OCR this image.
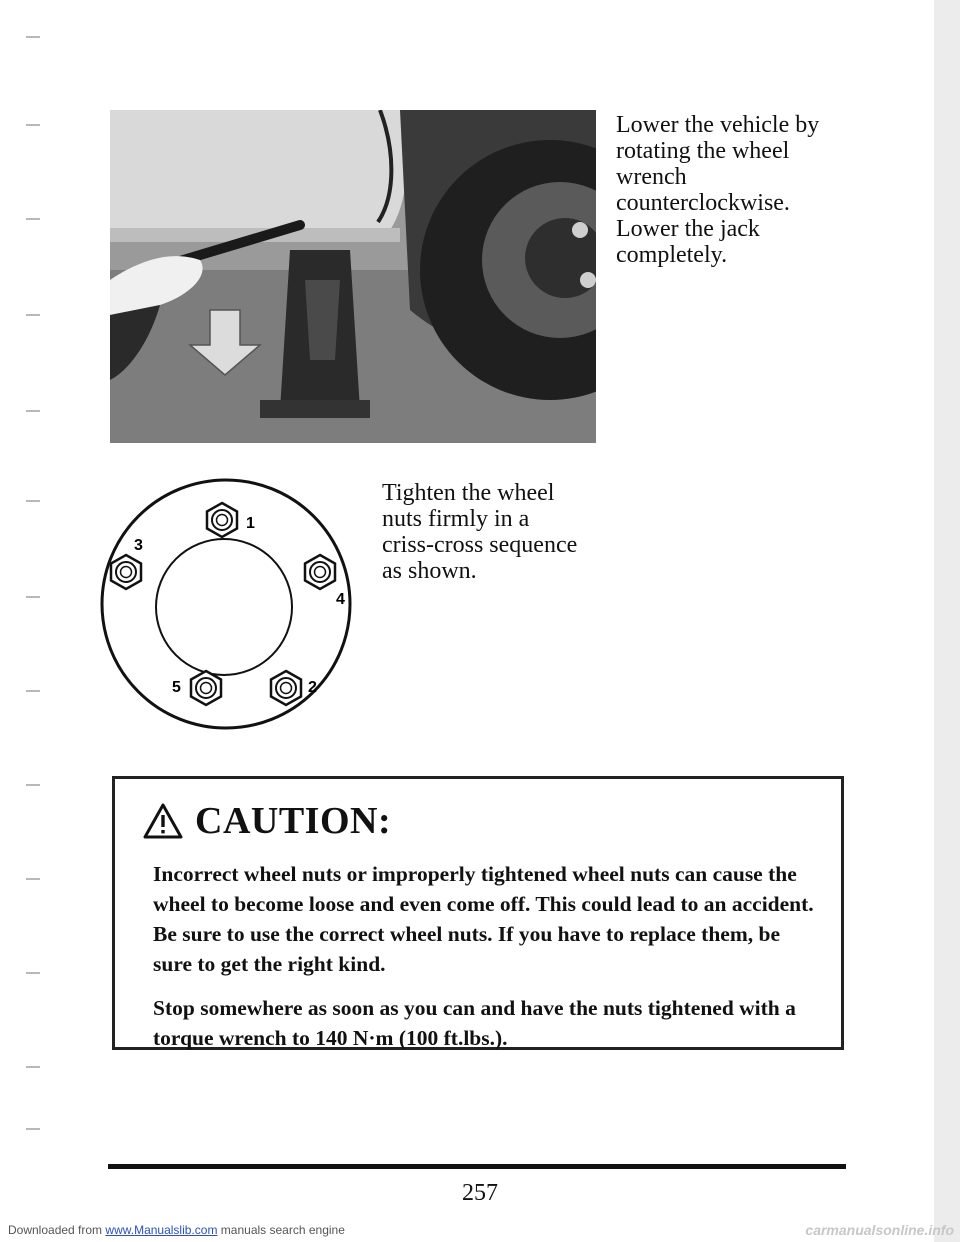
Lower the vehicle by

rotating the wheel

wrench

counterclockwise.

Lower the jack

completely.

1
2
3
4
5

Tighten the wheel

nuts firmly in a

criss-cross sequence

as shown.

CAUTION:

Incorrect wheel nuts or improperly tightened wheel nuts can cause the wheel to become loose and even come off. This could lead to an accident. Be sure to use the correct wheel nuts. If you have to replace them, be sure to get the right kind.

Stop somewhere as soon as you can and have the nuts tightened with a torque wrench to 140 N·m (100 ft.lbs.).

257
Downloaded from www.Manualslib.com manuals search engine	carmanualsonline.info
